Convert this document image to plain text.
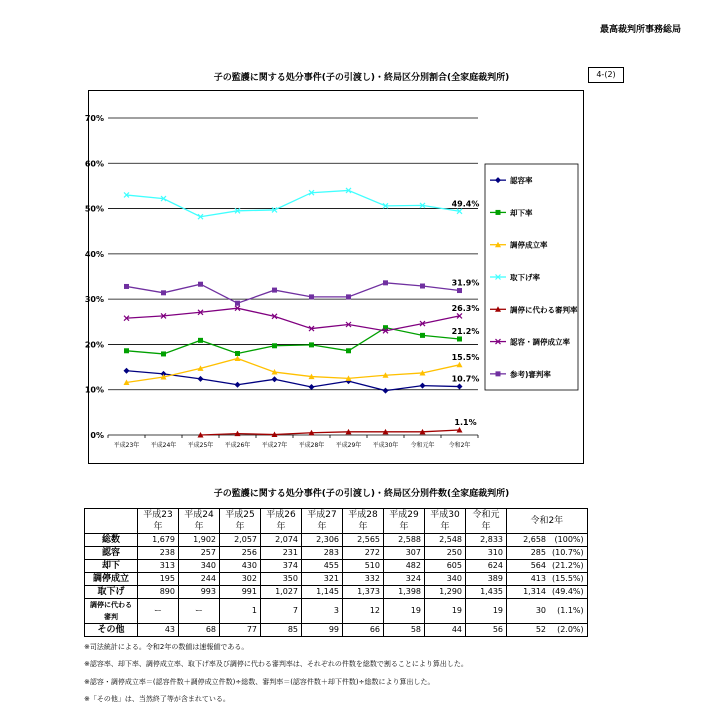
最高裁判所事務総局
子の監護に関する処分事件(子の引渡し)・終局区分別割合(全家庭裁判所)	4-(2)
0%
10%
20%
30%
40%
50%
60%
70%
平成23年 平成24年 平成25年 平成26年 平成27年 平成28年 平成29年 平成30年 令和元年 令和2年
10.7%
21.2%
15.5%
49.4%
1.1%
26.3%
31.9%
認容率
却下率
調停成立率
取下げ率
調停に代わる審判率
認容・調停成立率
参考)審判率
子の監護に関する処分事件(子の引渡し)・終局区分別件数(全家庭裁判所)
	平成23年	平成24年	平成25年	平成26年	平成27年	平成28年	平成29年	平成30年	令和元年	令和2年	
総数	1,679	1,902	2,057	2,074	2,306	2,565	2,588	2,548	2,833	2,658	(100%)
認容	238	257	256	231	283	272	307	250	310	285	(10.7%)
却下	313	340	430	374	455	510	482	605	624	564	(21.2%)
調停成立	195	244	302	350	321	332	324	340	389	413	(15.5%)
取下げ	890	993	991	1,027	1,145	1,373	1,398	1,290	1,435	1,314	(49.4%)
調停に代わる審判	ー	ー	1	7	3	12	19	19	19	30	(1.1%)
その他	43	68	77	85	99	66	58	44	56	52	(2.0%)
※司法統計による。令和2年の数値は速報値である。
※認容率、却下率、調停成立率、取下げ率及び調停に代わる審判率は、それぞれの件数を総数で割ることにより算出した。
※認容・調停成立率＝(認容件数＋調停成立件数)÷総数、審判率＝(認容件数＋却下件数)÷総数により算出した。
※「その他」は、当然終了等が含まれている。
